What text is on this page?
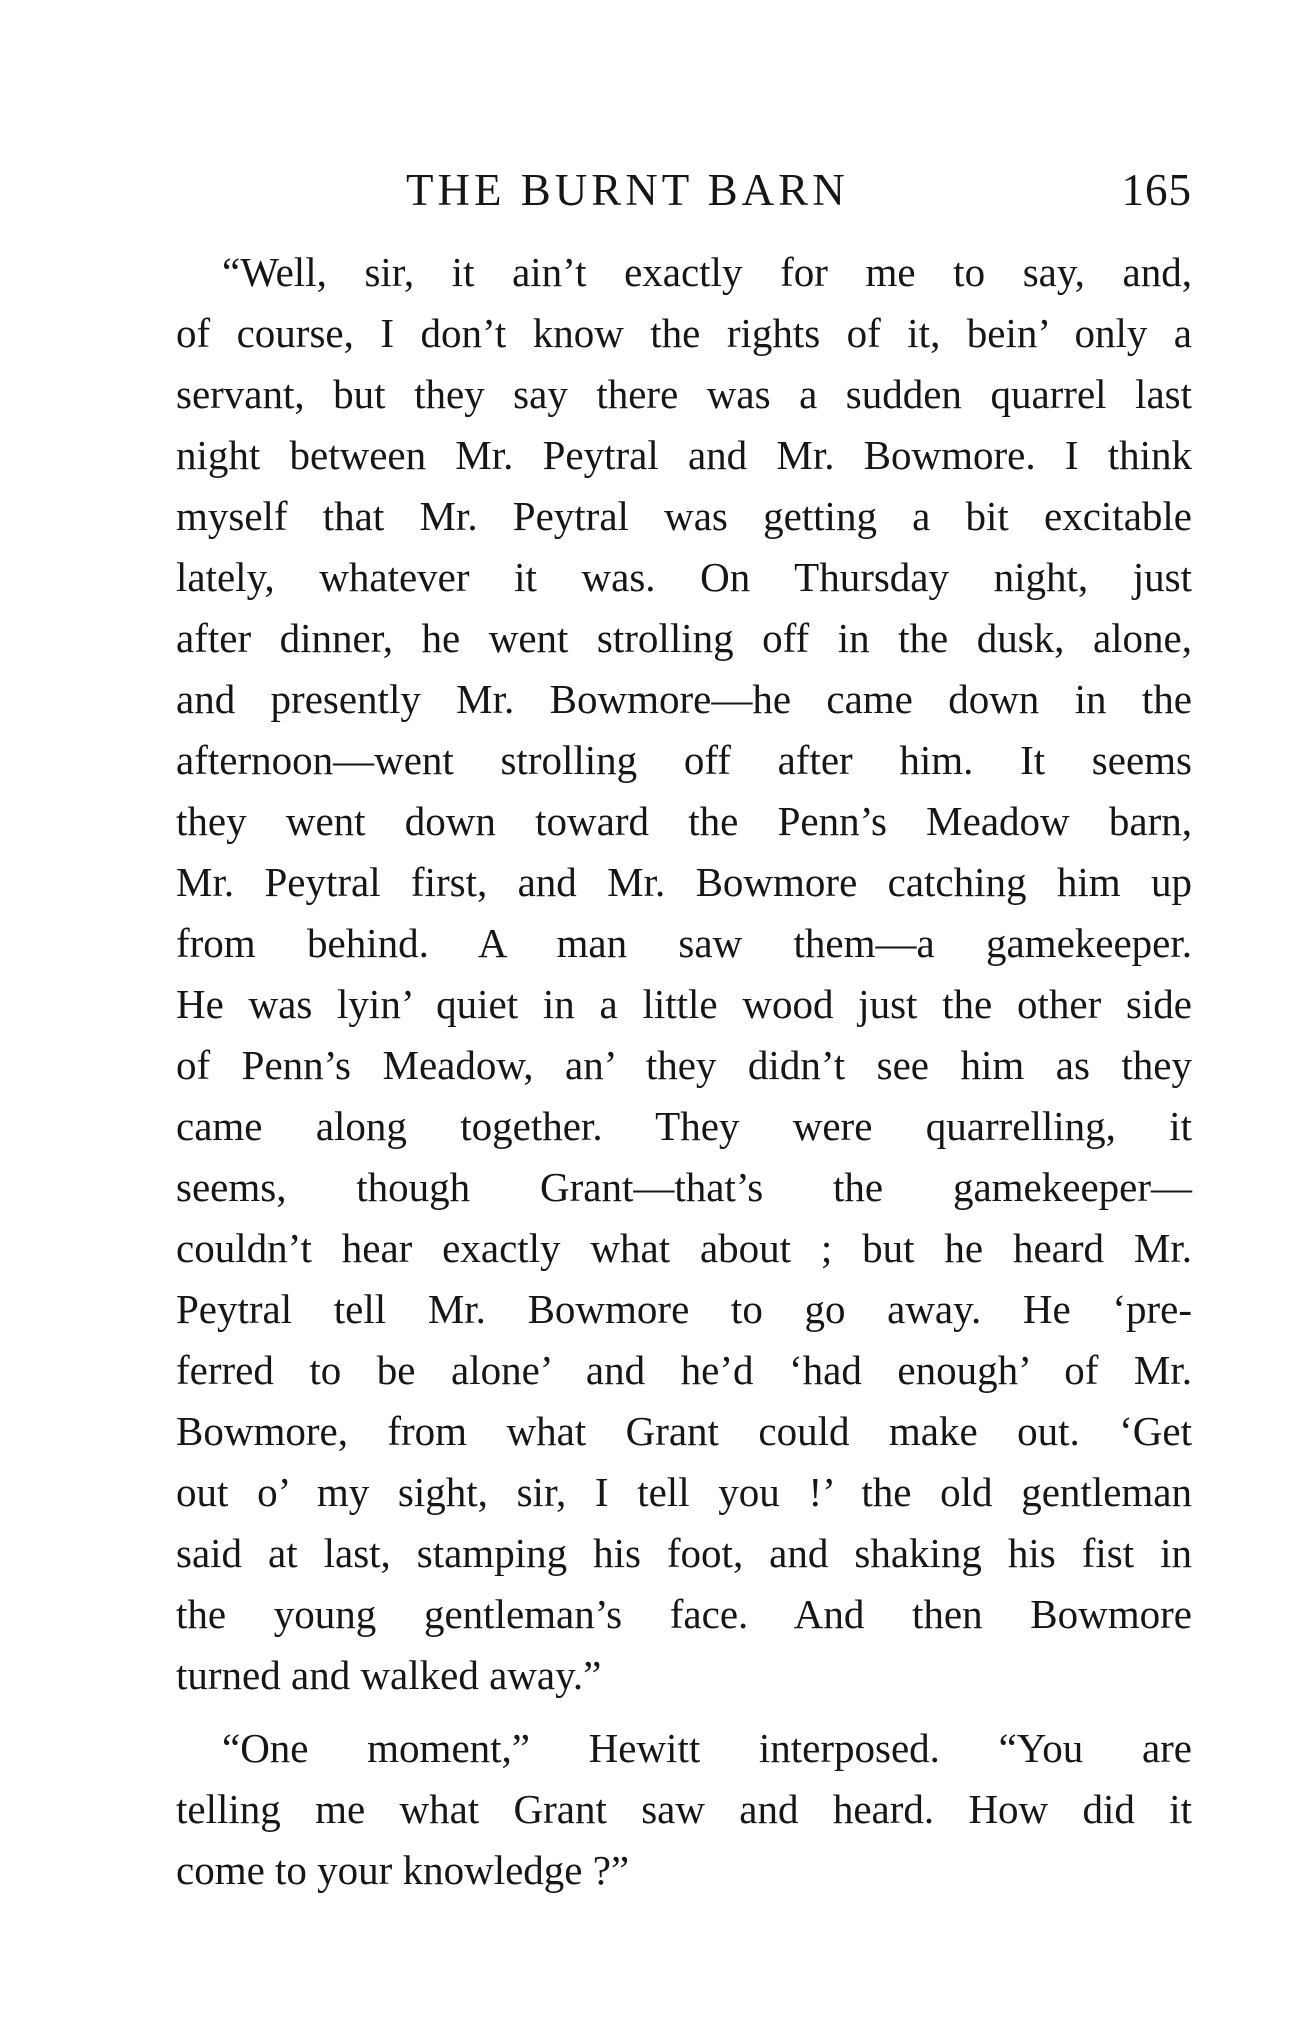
THE BURNT BARN	165
“Well, sir, it ain’t exactly for me to say, and,
of course, I don’t know the rights of it, bein’ only a
servant, but they say there was a sudden quarrel last
night between Mr. Peytral and Mr. Bowmore. I think
myself that Mr. Peytral was getting a bit excitable
lately, whatever it was. On Thursday night, just
after dinner, he went strolling off in the dusk, alone,
and presently Mr. Bowmore—he came down in the
afternoon—went strolling off after him. It seems
they went down toward the Penn’s Meadow barn,
Mr. Peytral first, and Mr. Bowmore catching him up
from behind. A man saw them—a gamekeeper.
He was lyin’ quiet in a little wood just the other side
of Penn’s Meadow, an’ they didn’t see him as they
came along together. They were quarrelling, it
seems, though Grant—that’s the gamekeeper—
couldn’t hear exactly what about ; but he heard Mr.
Peytral tell Mr. Bowmore to go away. He ‘pre-
ferred to be alone’ and he’d ‘had enough’ of Mr.
Bowmore, from what Grant could make out. ‘Get
out o’ my sight, sir, I tell you !’ the old gentleman
said at last, stamping his foot, and shaking his fist in
the young gentleman’s face. And then Bowmore
turned and walked away.”
“One moment,” Hewitt interposed. “You are
telling me what Grant saw and heard. How did it
come to your knowledge ?”
